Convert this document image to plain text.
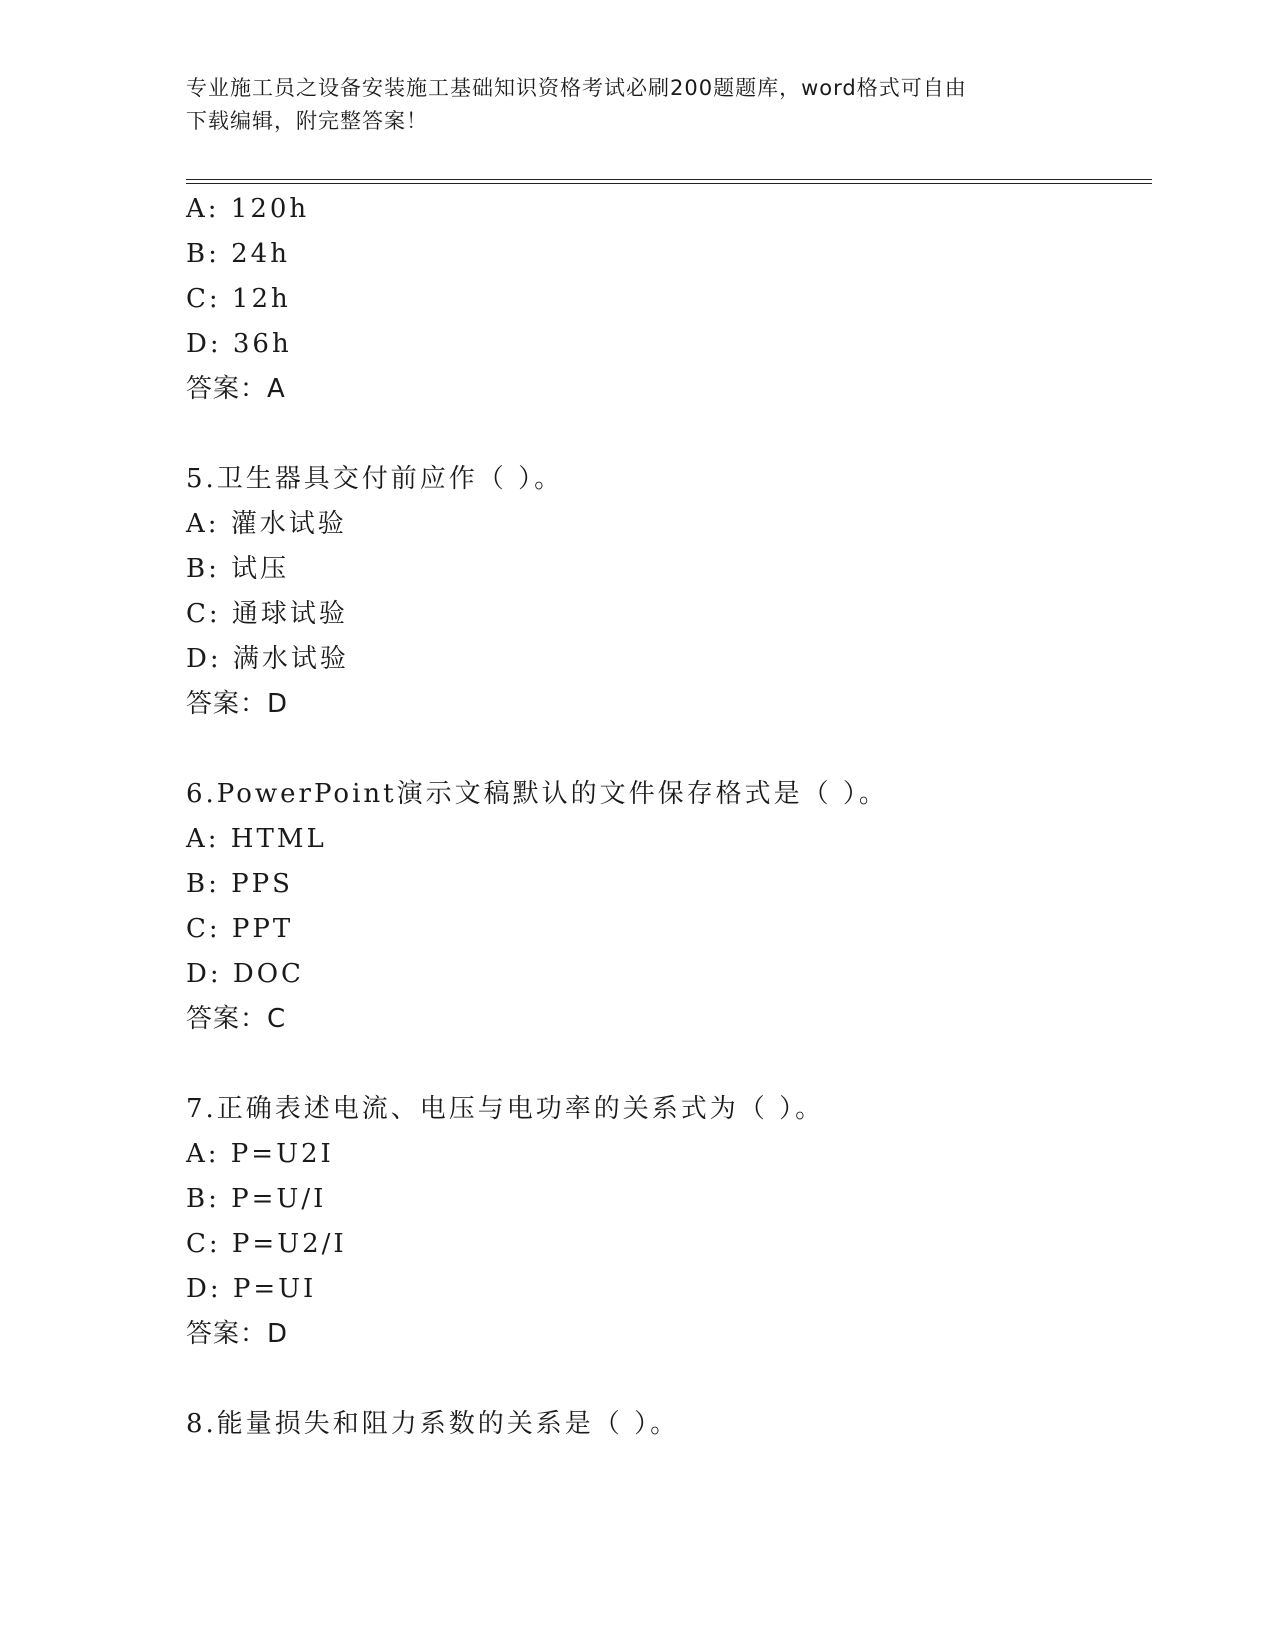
专业施工员之设备安装施工基础知识资格考试必刷200题题库，word格式可自由
下载编辑，附完整答案！
A: 120h
B: 24h
C: 12h
D: 36h
答案：A
5.卫生器具交付前应作（ ）。
A: 灌水试验
B: 试压
C: 通球试验
D: 满水试验
答案：D
6.PowerPoint演示文稿默认的文件保存格式是（ ）。
A: HTML
B: PPS
C: PPT
D: DOC
答案：C
7.正确表述电流、电压与电功率的关系式为（ ）。
A: P=U2I
B: P=U/I
C: P=U2/I
D: P=UI
答案：D
8.能量损失和阻力系数的关系是（ ）。
